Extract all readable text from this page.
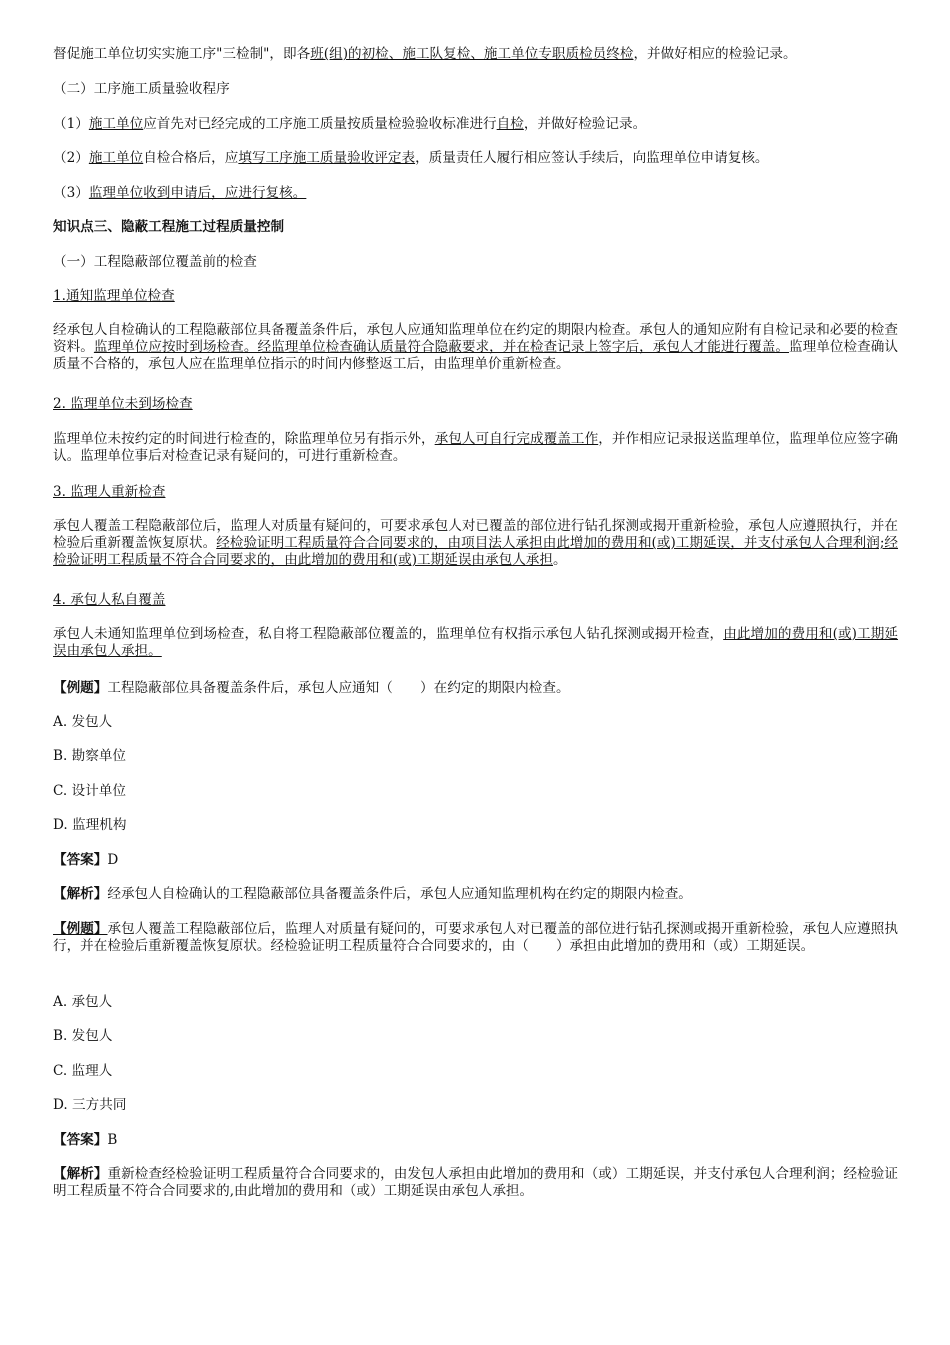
督促施工单位切实实施工序"三检制"，即各班(组)的初检、施工队复检、施工单位专职质检员终检，并做好相应的检验记录。

（二）工序施工质量验收程序

（1）施工单位应首先对已经完成的工序施工质量按质量检验验收标准进行自检，并做好检验记录。

（2）施工单位自检合格后，应填写工序施工质量验收评定表，质量责任人履行相应签认手续后，向监理单位申请复核。

（3）监理单位收到申请后，应进行复核。

知识点三、隐蔽工程施工过程质量控制

（一）工程隐蔽部位覆盖前的检查

1.通知监理单位检查

经承包人自检确认的工程隐蔽部位具备覆盖条件后，承包人应通知监理单位在约定的期限内检查。承包人的通知应附有自检记录和必要的检查资料。监理单位应按时到场检查。经监理单位检查确认质量符合隐蔽要求，并在检查记录上签字后，承包人才能进行覆盖。监理单位检查确认质量不合格的，承包人应在监理单位指示的时间内修整返工后，由监理单价重新检查。

2. 监理单位未到场检查

监理单位未按约定的时间进行检查的，除监理单位另有指示外，承包人可自行完成覆盖工作，并作相应记录报送监理单位，监理单位应签字确认。监理单位事后对检查记录有疑问的，可进行重新检查。

3. 监理人重新检查

承包人覆盖工程隐蔽部位后，监理人对质量有疑问的，可要求承包人对已覆盖的部位进行钻孔探测或揭开重新检验，承包人应遵照执行，并在检验后重新覆盖恢复原状。经检验证明工程质量符合合同要求的，由项目法人承担由此增加的费用和(或)工期延误，并支付承包人合理利润;经检验证明工程质量不符合合同要求的，由此增加的费用和(或)工期延误由承包人承担。

4. 承包人私自覆盖

承包人未通知监理单位到场检查，私自将工程隐蔽部位覆盖的，监理单位有权指示承包人钻孔探测或揭开检查，由此增加的费用和(或)工期延误由承包人承担。

【例题】工程隐蔽部位具备覆盖条件后，承包人应通知（　　）在约定的期限内检查。

A. 发包人

B. 勘察单位

C. 设计单位

D. 监理机构

【答案】D

【解析】经承包人自检确认的工程隐蔽部位具备覆盖条件后，承包人应通知监理机构在约定的期限内检查。

【例题】承包人覆盖工程隐蔽部位后，监理人对质量有疑问的，可要求承包人对已覆盖的部位进行钻孔探测或揭开重新检验，承包人应遵照执行，并在检验后重新覆盖恢复原状。经检验证明工程质量符合合同要求的，由（　　）承担由此增加的费用和（或）工期延误。

A. 承包人

B. 发包人

C. 监理人

D. 三方共同

【答案】B

【解析】重新检查经检验证明工程质量符合合同要求的，由发包人承担由此增加的费用和（或）工期延误，并支付承包人合理利润；经检验证明工程质量不符合合同要求的,由此增加的费用和（或）工期延误由承包人承担。
